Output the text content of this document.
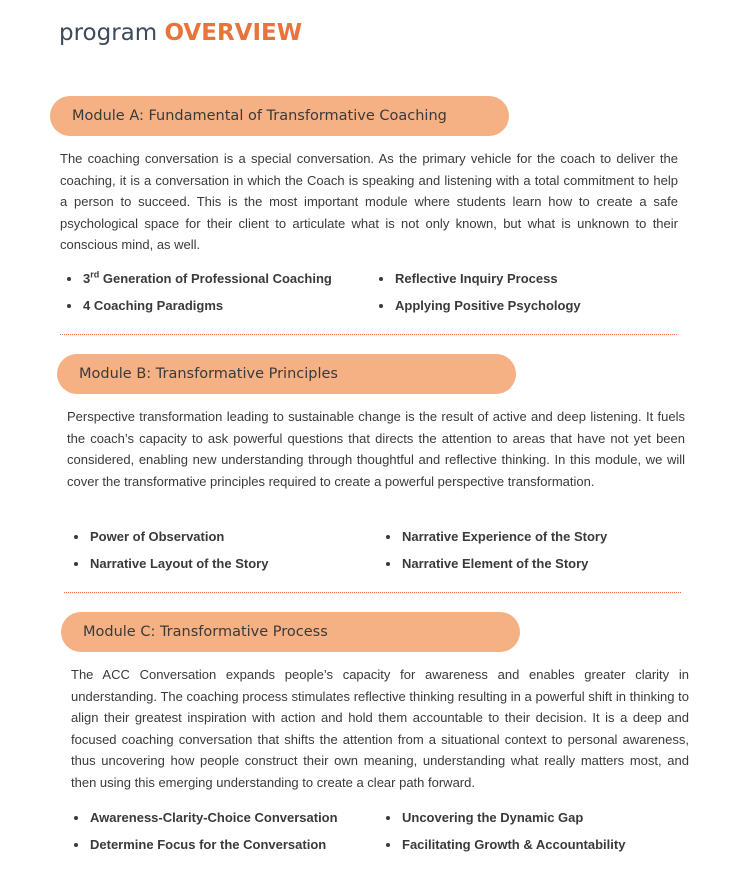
program OVERVIEW
Module A: Fundamental of Transformative Coaching
The coaching conversation is a special conversation. As the primary vehicle for the coach to deliver the coaching, it is a conversation in which the Coach is speaking and listening with a total commitment to help a person to succeed. This is the most important module where students learn how to create a safe psychological space for their client to articulate what is not only known, but what is unknown to their conscious mind, as well.
3rd Generation of Professional Coaching	Reflective Inquiry Process
4 Coaching Paradigms	Applying Positive Psychology
Module B: Transformative Principles
Perspective transformation leading to sustainable change is the result of active and deep listening. It fuels the coach’s capacity to ask powerful questions that directs the attention to areas that have not yet been considered, enabling new understanding through thoughtful and reflective thinking. In this module, we will cover the transformative principles required to create a powerful perspective transformation.
Power of Observation	Narrative Experience of the Story
Narrative Layout of the Story	Narrative Element of the Story
Module C: Transformative Process
The ACC Conversation expands people’s capacity for awareness and enables greater clarity in understanding. The coaching process stimulates reflective thinking resulting in a powerful shift in thinking to align their greatest inspiration with action and hold them accountable to their decision. It is a deep and focused coaching conversation that shifts the attention from a situational context to personal awareness, thus uncovering how people construct their own meaning, understanding what really matters most, and then using this emerging understanding to create a clear path forward.
Awareness-Clarity-Choice Conversation	Uncovering the Dynamic Gap
Determine Focus for the Conversation	Facilitating Growth & Accountability
